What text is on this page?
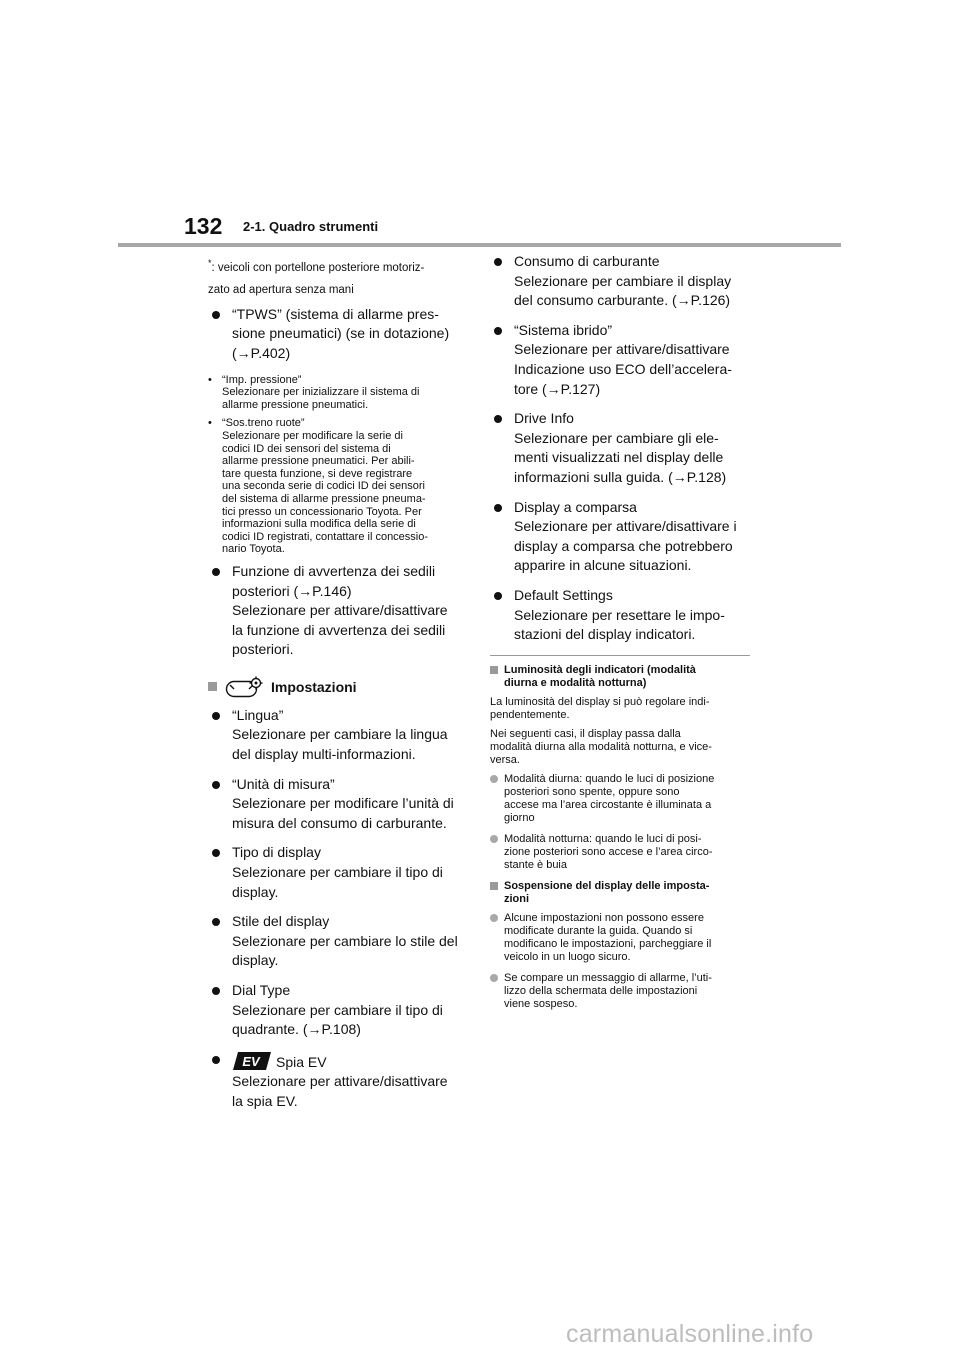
132 2-1. Quadro strumenti
*: veicoli con portellone posteriore motoriz-
zato ad apertura senza mani
“TPWS” (sistema di allarme pres-
sione pneumatici) (se in dotazione)
(→P.402)
• “Imp. pressione”
Selezionare per inizializzare il sistema di
allarme pressione pneumatici.
• “Sos.treno ruote”
Selezionare per modificare la serie di
codici ID dei sensori del sistema di
allarme pressione pneumatici. Per abili-
tare questa funzione, si deve registrare
una seconda serie di codici ID dei sensori
del sistema di allarme pressione pneuma-
tici presso un concessionario Toyota. Per
informazioni sulla modifica della serie di
codici ID registrati, contattare il concessio-
nario Toyota.
Funzione di avvertenza dei sedili
posteriori (→P.146)
Selezionare per attivare/disattivare
la funzione di avvertenza dei sedili
posteriori.
Impostazioni
“Lingua”
Selezionare per cambiare la lingua
del display multi-informazioni.
“Unità di misura”
Selezionare per modificare l’unità di
misura del consumo di carburante.
Tipo di display
Selezionare per cambiare il tipo di
display.
Stile del display
Selezionare per cambiare lo stile del
display.
Dial Type
Selezionare per cambiare il tipo di
quadrante. (→P.108)
EV Spia EV
Selezionare per attivare/disattivare
la spia EV.
Consumo di carburante
Selezionare per cambiare il display
del consumo carburante. (→P.126)
“Sistema ibrido”
Selezionare per attivare/disattivare
Indicazione uso ECO dell’accelera-
tore (→P.127)
Drive Info
Selezionare per cambiare gli ele-
menti visualizzati nel display delle
informazioni sulla guida. (→P.128)
Display a comparsa
Selezionare per attivare/disattivare i
display a comparsa che potrebbero
apparire in alcune situazioni.
Default Settings
Selezionare per resettare le impo-
stazioni del display indicatori.
Luminosità degli indicatori (modalità
diurna e modalità notturna)
La luminosità del display si può regolare indi-
pendentemente.
Nei seguenti casi, il display passa dalla
modalità diurna alla modalità notturna, e vice-
versa.
Modalità diurna: quando le luci di posizione
posteriori sono spente, oppure sono
accese ma l’area circostante è illuminata a
giorno
Modalità notturna: quando le luci di posi-
zione posteriori sono accese e l’area circo-
stante è buia
Sospensione del display delle imposta-
zioni
Alcune impostazioni non possono essere
modificate durante la guida. Quando si
modificano le impostazioni, parcheggiare il
veicolo in un luogo sicuro.
Se compare un messaggio di allarme, l’uti-
lizzo della schermata delle impostazioni
viene sospeso.
carmanualsonline.info
